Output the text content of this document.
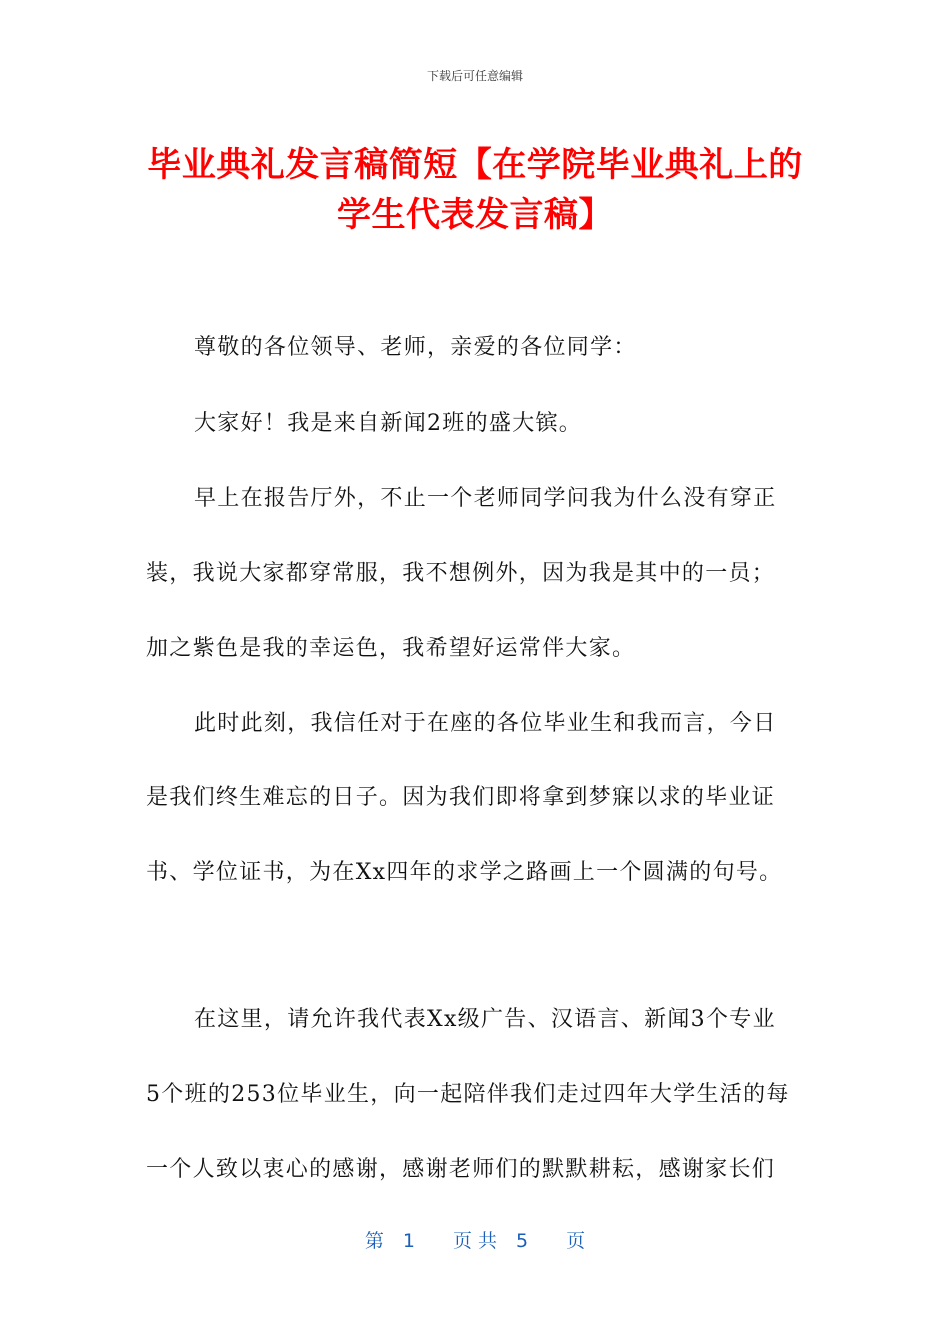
下载后可任意编辑
毕业典礼发言稿简短【在学院毕业典礼上的
学生代表发言稿】

尊敬的各位领导、老师，亲爱的各位同学：

大家好！我是来自新闻2班的盛大镔。

早上在报告厅外，不止一个老师同学问我为什么没有穿正

装，我说大家都穿常服，我不想例外，因为我是其中的一员；

加之紫色是我的幸运色，我希望好运常伴大家。

此时此刻，我信任对于在座的各位毕业生和我而言，今日

是我们终生难忘的日子。因为我们即将拿到梦寐以求的毕业证

书、学位证书，为在Xx四年的求学之路画上一个圆满的句号。

在这里，请允许我代表Xx级广告、汉语言、新闻3个专业

5个班的253位毕业生，向一起陪伴我们走过四年大学生活的每

一个人致以衷心的感谢，感谢老师们的默默耕耘，感谢家长们

第　1　　页 共　5　　页
